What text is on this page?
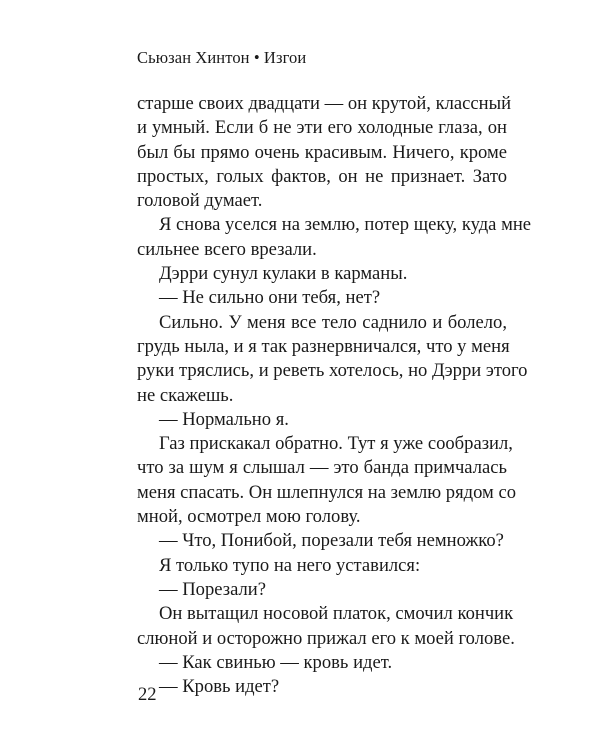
Сьюзан Хинтон • Изгои
старше своих двадцати — он крутой, классный
и умный. Если б не эти его холодные глаза, он
был бы прямо очень красивым. Ничего, кроме
простых, голых фактов, он не признает. Зато
головой думает.
Я снова уселся на землю, потер щеку, куда мне
сильнее всего врезали.
Дэрри сунул кулаки в карманы.
— Не сильно они тебя, нет?
Сильно. У меня все тело саднило и болело,
грудь ныла, и я так разнервничался, что у меня
руки тряслись, и реветь хотелось, но Дэрри этого
не скажешь.
— Нормально я.
Газ прискакал обратно. Тут я уже сообразил,
что за шум я слышал — это банда примчалась
меня спасать. Он шлепнулся на землю рядом со
мной, осмотрел мою голову.
— Что, Понибой, порезали тебя немножко?
Я только тупо на него уставился:
— Порезали?
Он вытащил носовой платок, смочил кончик
слюной и осторожно прижал его к моей голове.
— Как свинью — кровь идет.
— Кровь идет?
22
